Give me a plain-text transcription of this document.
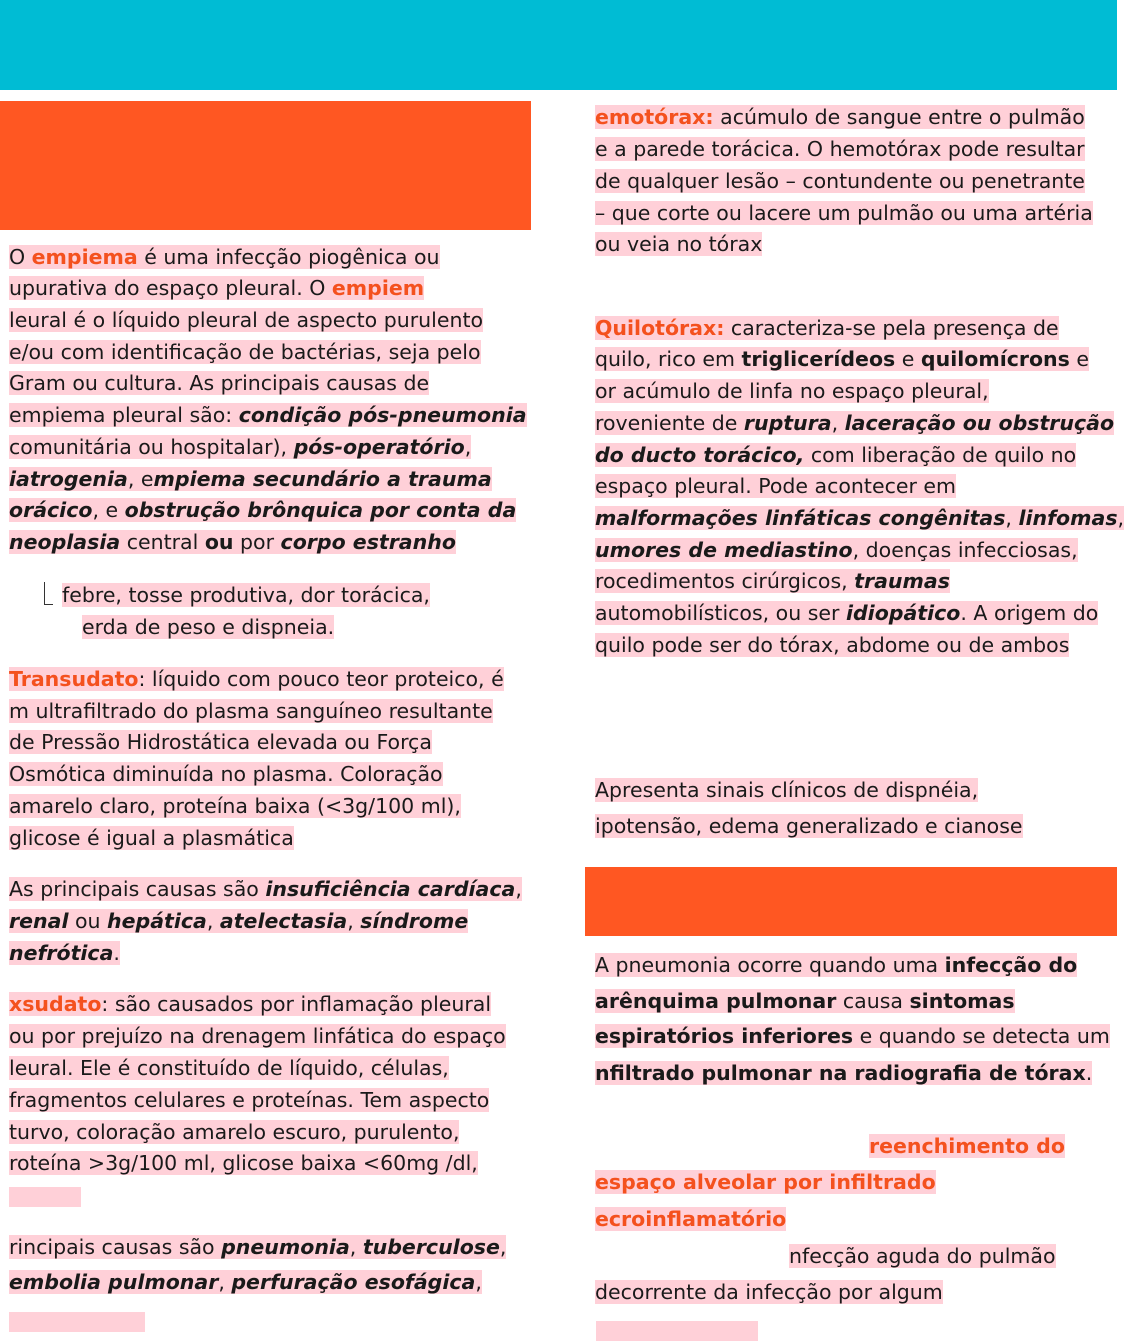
O empiema é uma infecção piogênica ou
upurativa do espaço pleural. O empiem
leural é o líquido pleural de aspecto purulento
e/ou com identificação de bactérias, seja pelo
Gram ou cultura. As principais causas de
empiema pleural são: condição pós-pneumonia
comunitária ou hospitalar), pós-operatório,
iatrogenia, empiema secundário a trauma
orácico, e obstrução brônquica por conta da
neoplasia central ou por corpo estranho
febre, tosse produtiva, dor torácica,
erda de peso e dispneia.
Transudato: líquido com pouco teor proteico, é
m ultrafiltrado do plasma sanguíneo resultante
de Pressão Hidrostática elevada ou Força
Osmótica diminuída no plasma. Coloração
amarelo claro, proteína baixa (<3g/100 ml),
glicose é igual a plasmática
As principais causas são insuficiência cardíaca,
renal ou hepática, atelectasia, síndrome
nefrótica.
xsudato: são causados por inflamação pleural
ou por prejuízo na drenagem linfática do espaço
leural. Ele é constituído de líquido, células,
fragmentos celulares e proteínas. Tem aspecto
turvo, coloração amarelo escuro, purulento,
roteína >3g/100 ml, glicose baixa <60mg /dl,
rincipais causas são pneumonia, tuberculose,
embolia pulmonar, perfuração esofágica,
emotórax: acúmulo de sangue entre o pulmão
e a parede torácica. O hemotórax pode resultar
de qualquer lesão – contundente ou penetrante
– que corte ou lacere um pulmão ou uma artéria
ou veia no tórax
Quilotórax: caracteriza-se pela presença de
quilo, rico em triglicerídeos e quilomícrons e
or acúmulo de linfa no espaço pleural,
roveniente de ruptura, laceração ou obstrução
do ducto torácico, com liberação de quilo no
espaço pleural. Pode acontecer em
malformações linfáticas congênitas, linfomas,
umores de mediastino, doenças infecciosas,
rocedimentos cirúrgicos, traumas
automobilísticos, ou ser idiopático. A origem do
quilo pode ser do tórax, abdome ou de ambos
Apresenta sinais clínicos de dispnéia,
ipotensão, edema generalizado e cianose
A pneumonia ocorre quando uma infecção do
arênquima pulmonar causa sintomas
espiratórios inferiores e quando se detecta um
nfiltrado pulmonar na radiografia de tórax.
reenchimento do
espaço alveolar por infiltrado
ecroinflamatório
nfecção aguda do pulmão
decorrente da infecção por algum
